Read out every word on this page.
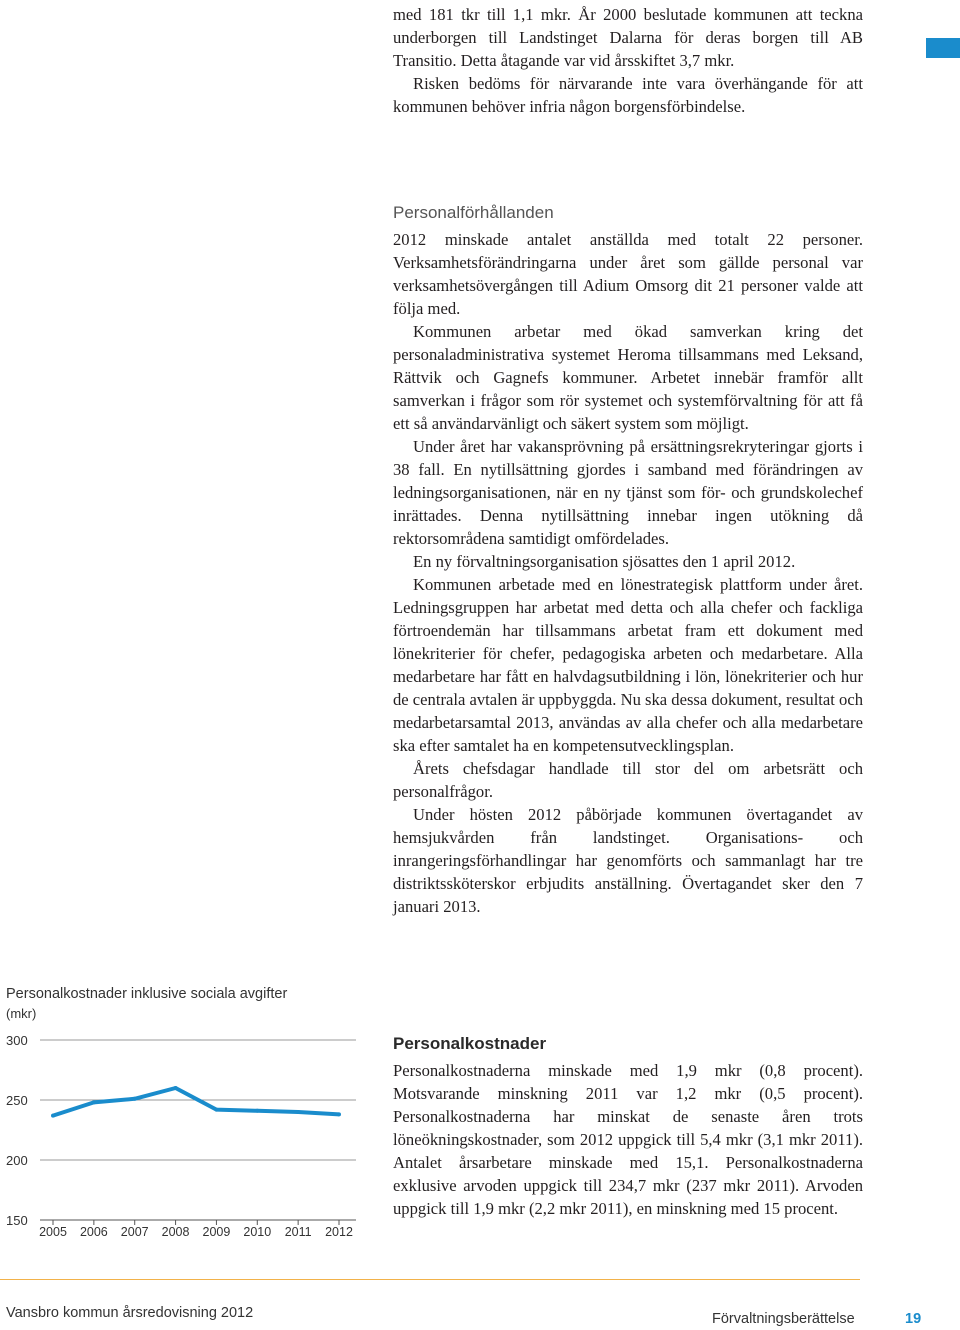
med 181 tkr till 1,1 mkr. År 2000 beslutade kommunen att teckna underborgen till Landstinget Dalarna för deras borgen till AB Transitio. Detta åtagande var vid årsskiftet 3,7 mkr.

Risken bedöms för närvarande inte vara överhängande för att kommunen behöver infria någon borgensförbindelse.

Personalförhållanden

2012 minskade antalet anställda med totalt 22 personer. Verksamhetsförändringarna under året som gällde personal var verksamhetsövergången till Adium Omsorg dit 21 personer valde att följa med.

Kommunen arbetar med ökad samverkan kring det personaladministrativa systemet Heroma tillsammans med Leksand, Rättvik och Gagnefs kommuner. Arbetet innebär framför allt samverkan i frågor som rör systemet och systemförvaltning för att få ett så användarvänligt och säkert system som möjligt.

Under året har vakansprövning på ersättningsrekryteringar gjorts i 38 fall. En nytillsättning gjordes i samband med förändringen av ledningsorganisationen, när en ny tjänst som för- och grundskolechef inrättades. Denna nytillsättning innebar ingen utökning då rektorsområdena samtidigt omfördelades.

En ny förvaltningsorganisation sjösattes den 1 april 2012.

Kommunen arbetade med en lönestrategisk plattform under året. Ledningsgruppen har arbetat med detta och alla chefer och fackliga förtroendemän har tillsammans arbetat fram ett dokument med lönekriterier för chefer, pedagogiska arbeten och medarbetare. Alla medarbetare har fått en halvdagsutbildning i lön, lönekriterier och hur de centrala avtalen är uppbyggda. Nu ska dessa dokument, resultat och medarbetarsamtal 2013, användas av alla chefer och alla medarbetare ska efter samtalet ha en kompetensutvecklingsplan.

Årets chefsdagar handlade till stor del om arbetsrätt och personalfrågor.

Under hösten 2012 påbörjade kommunen övertagandet av hemsjukvården från landstinget. Organisations- och inrangeringsförhandlingar har genomförts och sammanlagt har tre distriktssköterskor erbjudits anställning. Övertagandet sker den 7 januari 2013.

Personalkostnader

Personalkostnaderna minskade med 1,9 mkr (0,8 procent). Motsvarande minskning 2011 var 1,2 mkr (0,5 procent). Personalkostnaderna har minskat de senaste åren trots löneökningskostnader, som 2012 uppgick till 5,4 mkr (3,1 mkr 2011). Antalet årsarbetare minskade med 15,1. Personalkostnaderna exklusive arvoden uppgick till 234,7 mkr (237 mkr 2011). Arvoden uppgick till 1,9 mkr (2,2 mkr 2011), en minskning med 15 procent.

Personalkostnader inklusive sociala avgifter

(mkr)

300
250
200
150
2005 2006 2007 2008 2009 2010 2011 2012
Vansbro kommun årsredovisning 2012	Förvaltningsberättelse	19
